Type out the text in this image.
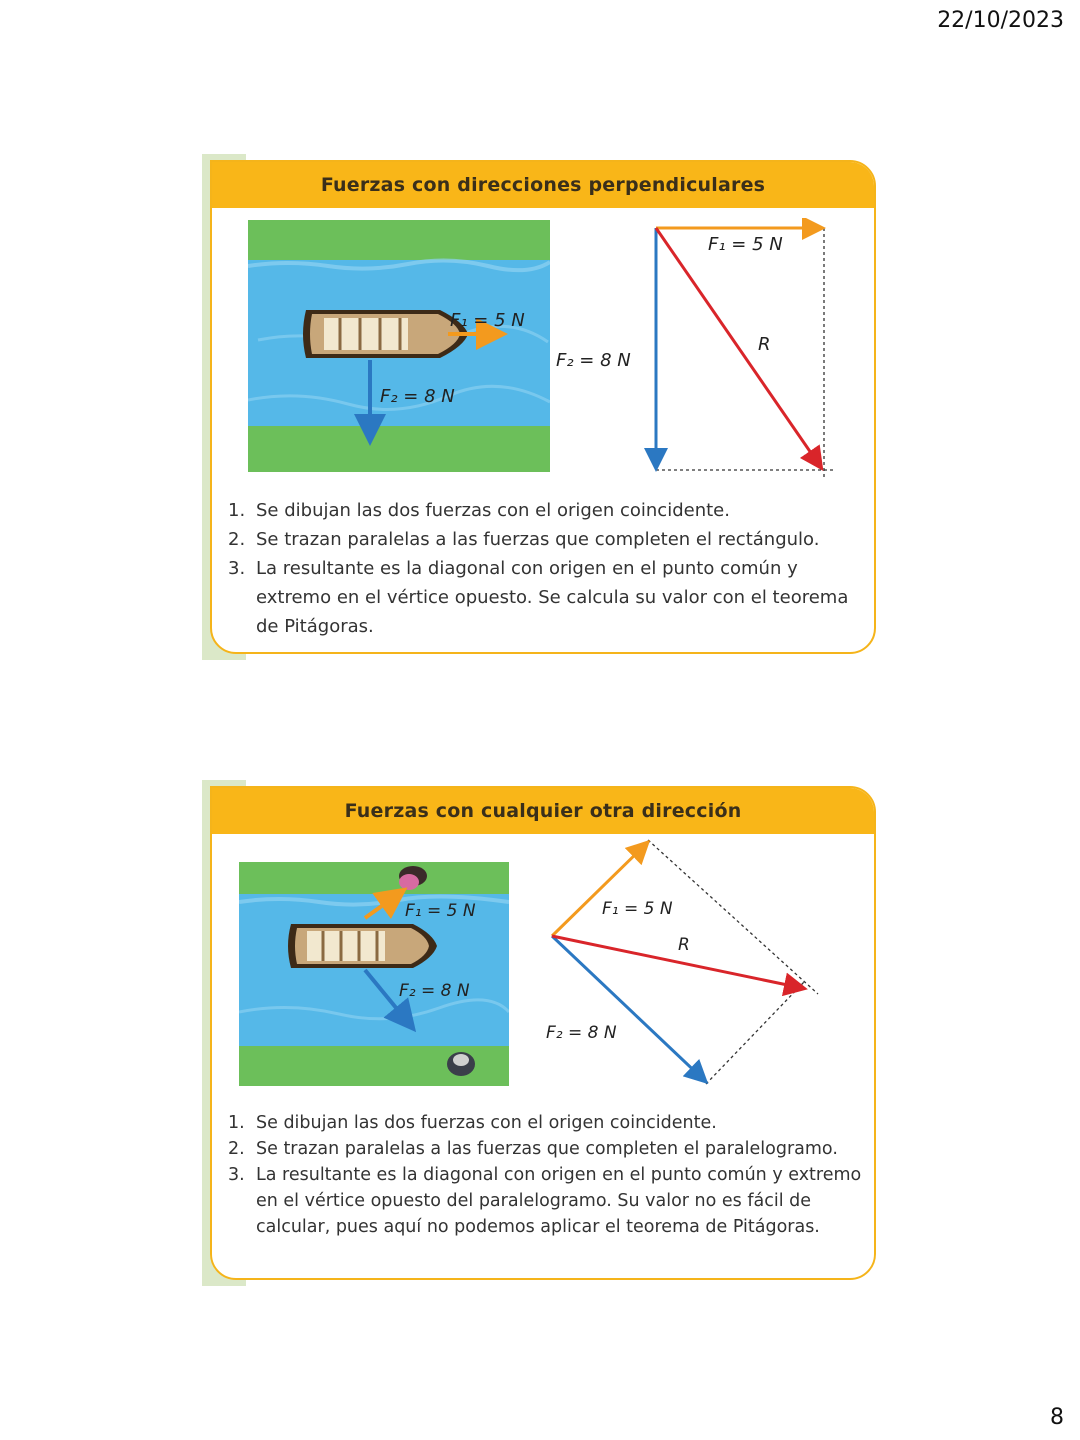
22/10/2023
Fuerzas con direcciones perpendiculares
F₁ = 5 N
F₂ = 8 N
F₁ = 5 N
F₂ = 8 N
R
1. Se dibujan las dos fuerzas con el origen coincidente.
2. Se trazan paralelas a las fuerzas que completen el rectángulo.
3. La resultante es la diagonal con origen en el punto común y extremo en el vértice opuesto. Se calcula su valor con el teorema de Pitágoras.
Fuerzas con cualquier otra dirección
F₁ = 5 N
F₂ = 8 N
F₁ = 5 N
F₂ = 8 N
R
1. Se dibujan las dos fuerzas con el origen coincidente.
2. Se trazan paralelas a las fuerzas que completen el paralelogramo.
3. La resultante es la diagonal con origen en el punto común y extremo en el vértice opuesto del paralelogramo. Su valor no es fácil de calcular, pues aquí no podemos aplicar el teorema de Pitágoras.
8
